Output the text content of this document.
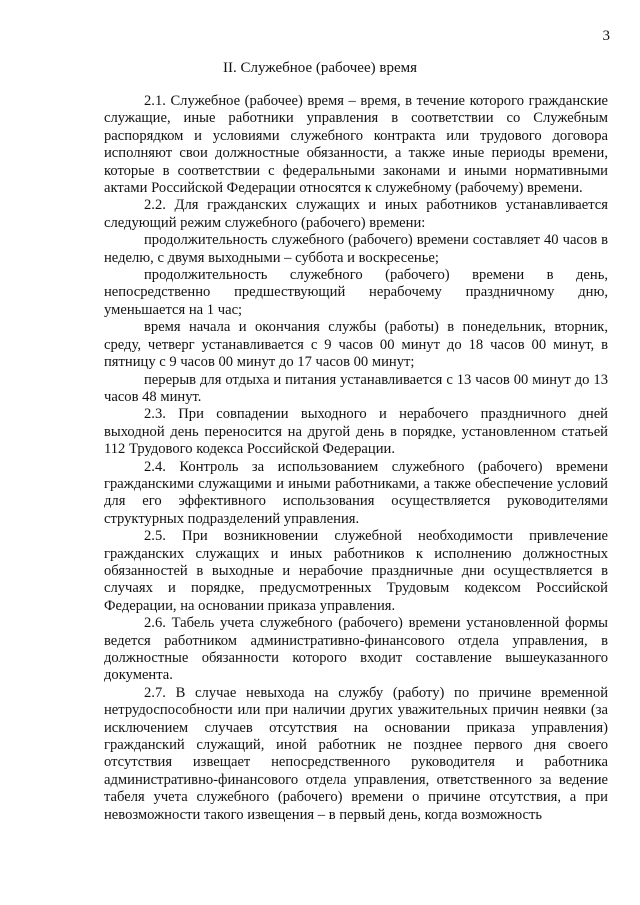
3
II. Служебное (рабочее) время

2.1. Служебное (рабочее) время – время, в течение которого гражданские служащие, иные работники управления в соответствии со Служебным распорядком и условиями служебного контракта или трудового договора исполняют свои должностные обязанности, а также иные периоды времени, которые в соответствии с федеральными законами и иными нормативными актами Российской Федерации относятся к служебному (рабочему) времени.

2.2. Для гражданских служащих и иных работников устанавливается следующий режим служебного (рабочего) времени:

продолжительность служебного (рабочего) времени составляет 40 часов в неделю, с двумя выходными – суббота и воскресенье;

продолжительность служебного (рабочего) времени в день, непосредственно предшествующий нерабочему праздничному дню, уменьшается на 1 час;

время начала и окончания службы (работы) в понедельник, вторник, среду, четверг устанавливается с 9 часов 00 минут до 18 часов 00 минут, в пятницу с 9 часов 00 минут до 17 часов 00 минут;

перерыв для отдыха и питания устанавливается с 13 часов 00 минут до 13 часов 48 минут.

2.3. При совпадении выходного и нерабочего праздничного дней выходной день переносится на другой день в порядке, установленном статьей 112 Трудового кодекса Российской Федерации.

2.4. Контроль за использованием служебного (рабочего) времени гражданскими служащими и иными работниками, а также обеспечение условий для его эффективного использования осуществляется руководителями структурных подразделений управления.

2.5. При возникновении служебной необходимости привлечение гражданских служащих и иных работников к исполнению должностных обязанностей в выходные и нерабочие праздничные дни осуществляется в случаях и порядке, предусмотренных Трудовым кодексом Российской Федерации, на основании приказа управления.

2.6. Табель учета служебного (рабочего) времени установленной формы ведется работником административно-финансового отдела управления, в должностные обязанности которого входит составление вышеуказанного документа.

2.7. В случае невыхода на службу (работу) по причине временной нетрудоспособности или при наличии других уважительных причин неявки (за исключением случаев отсутствия на основании приказа управления) гражданский служащий, иной работник не позднее первого дня своего отсутствия извещает непосредственного руководителя и работника административно-финансового отдела управления, ответственного за ведение табеля учета служебного (рабочего) времени о причине отсутствия, а при невозможности такого извещения – в первый день, когда возможность
